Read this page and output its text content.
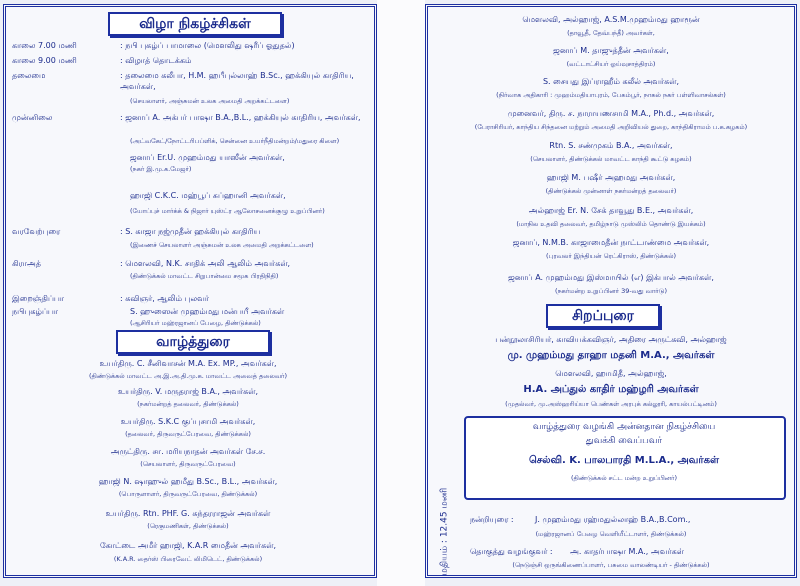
விழா நிகழ்ச்சிகள்
காலை 7.00 மணி	: நபி புகழ்ப் பாமாலை (மௌலிது ஷரீப் ஓதுதல்)
காலை 9.00 மணி	: விழாத் தொடக்கம்
தலைமை	: தலைமை கலீபா, H.M. ஹபீபுல்லாஹ் B.Sc., ஹக்கியுல் காதிரிய, அவர்கள்,
(செயலாளர், அஞ்சுமன் உலக அமைதி அறக்கட்டளை)
முன்னிலை	: ஜனாப் A. அக்பர் பாஷா B.A.,B.L., ஹக்கியுல் காதிரிய, அவர்கள்,
(அட்வகேட்/நோட்டரிபப்ளிக், சென்னை உயர்நீதிமன்றம்/மதுரை கிளை)
ஜனாப் Er.U. முஹம்மது யாஸீன் அவர்கள்,
(நகர் இ.மு.க.மேஜர்)
ஹாஜி C.K.C. மஹ்பூப் சுப்ஹானி அவர்கள்,
(யோப்புச் மார்க்க் & நிஜார் யுஸ்ட்ர ஆலோசனைக்குழு உறுப்பினர்)
வரவேற்புரை	: S. காஜா நஜ்முதீன் ஹக்கியுல் காதிரிய
(இணைச் செயலாளர் அஞ்சுமன் உலக அமைதி அறக்கட்டளை)
கிராஅத்	: மௌலவி, N.K. சாதிக் அலி ஆலிம் அவர்கள்,
(திண்டுக்கல் மாவட்ட சிறுபான்மை சமூக பிரதிநிதி)
இறைஞ்திப்பா	: கவிஞர், ஆலிம் புலவர்
நபிபுகழ்ப்பா	S. ஹுஸைன் முஹம்மது மன்பயீ அவர்கள்
(ஆசிரியர் மஹ்ரஜானப் பேழை, திண்டுக்கல்)
வாழ்த்துரை
உயர்திரு. C. சீனிவாசன் M.A. Ex. MP., அவர்கள்,
(திண்டுக்கல் மாவட்ட அ.இ.அ.தி.மு.க. மாவட்ட அவைத் தலைவர்)
உயர்திரு. V. மருதராஜ் B.A., அவர்கள்,
(நகர்மன்றத் தலைவர், திண்டுக்கல்)
உயர்திரு. S.K.C குப்புசாமி அவர்கள்,
(தலைவர், திருவருட்பேரவை, திண்டுக்கல்)
அருட்திரு. சா. மரியநாதன் அவர்கள் சே.ச.
(செயலாளர், திருவருட்பேரவை)
ஹாஜி N. ஷாஹுல் ஹமீது B.Sc., B.L., அவர்கள்,
(பொருளாளர், திருவருட்பேரவை, திண்டுக்கல்)
உயர்திரு. Rtn. PHF. G. சுந்தரராஜன் அவர்கள்
(ரெகுமணிகள், திண்டுக்கல்)
கோட்டை அமீர் ஹாஜி, K.A.R மைதீன் அவர்கள்,
(K.A.R. தைர்ஸ் பிரைவேட் லிமிடெட், திண்டுக்கல்)
மௌலவி, அல்ஹாஜ், A.S.M.முஹம்மது ஹாரூன்
(தாவூதீ, தேவ்பந்தீ) அவர்கள்,
ஜனாப் M. தாஜுத்தீன் அவர்கள்,
(வட்டாட்சியர் ஓய்வுசாத்திரம்)
S. சையது இப்ராஹீம் கலீல் அவர்கள்,
(நிர்வாக அதிகாரி : முஹம்மதியாபுரம், பேகம்பூர், நாகல் நகர் பள்ளிவாசல்கள்)
முனைவர், திரு. ச. நாராயணசாமி M.A., Ph.d., அவர்கள்,
(பேராசிரியர், காந்திய சிந்தனை மற்றும் அமைதி அறிவியல் துறை, காந்திகிராமம் ப.க.கழகம்)
Rtn. S. சண்முகம் B.A., அவர்கள்,
(செயலாளர், திண்டுக்கல் மாவட்ட காந்தி கூட்டு கழகம்)
ஹாஜி M. பஷீர் அஹமது அவர்கள்,
(திண்டுக்கல் முன்னாள் நகர்மன்றத் தலைவர்)
அல்ஹாஜ் Er. N. சேக் தாவூது B.E., அவர்கள்,
(மாநில உதவி தலைவர், தமிழ்நாடு முஸ்லிம் தொண்டு இயக்கம்)
ஜனாப், N.M.B. காஜாமைதீன் நாட்டாண்மை அவர்கள்,
(புரவலர் இந்தியன் ரெட்கிராஸ், திண்டுக்கல்)
ஜனாப் A. முஹம்மது இஸ்மாயில் (எ) இக்பால் அவர்கள்,
(நகர்மன்ற உறுப்பினர் 39-வது வார்டு)
சிறப்புரை
பன்நூலாசிரியர், காவியக்கவிஞர், அதிரை அருட்கவி, அல்ஹாஜ்
மு. முஹம்மது தாஹா மதனி M.A., அவர்கள்
மௌலவி, ஹாமிதீ, அல்ஹாஜ்,
H.A. அப்துல் காதிர் மஹ்ழரி அவர்கள்
(முதல்வர், மு.அஸ்ஹரிய்யா பெண்கள் அரபுக் கல்லூரி, காயல்பட்டினம்)
வாழ்த்துரை வழங்கி அன்னதான நிகழ்ச்சியை
துவக்கி வைப்பவர்
செல்வி. K. பாலபாரதி M.L.A., அவர்கள்
(திண்டுக்கல் சட்ட மன்ற உறுப்பினர்)
மதியம் : 12.45 மணி	நன்றியுரை :	J. முஹம்மது ரஹ்மதுல்லாஹ் B.A.,B.Com.,
(மஹ்ரஜானப் பேழை வெளியீட்டாளர், திண்டுக்கல்)
தொகுத்து வழங்குவர் : அ. காதர்பாஷா M.A., அவர்கள்
(நெடுஞ்சி ஒருங்கிணைப்பாளர், பசுமை வாலண்டியர் - திண்டுக்கல்)
